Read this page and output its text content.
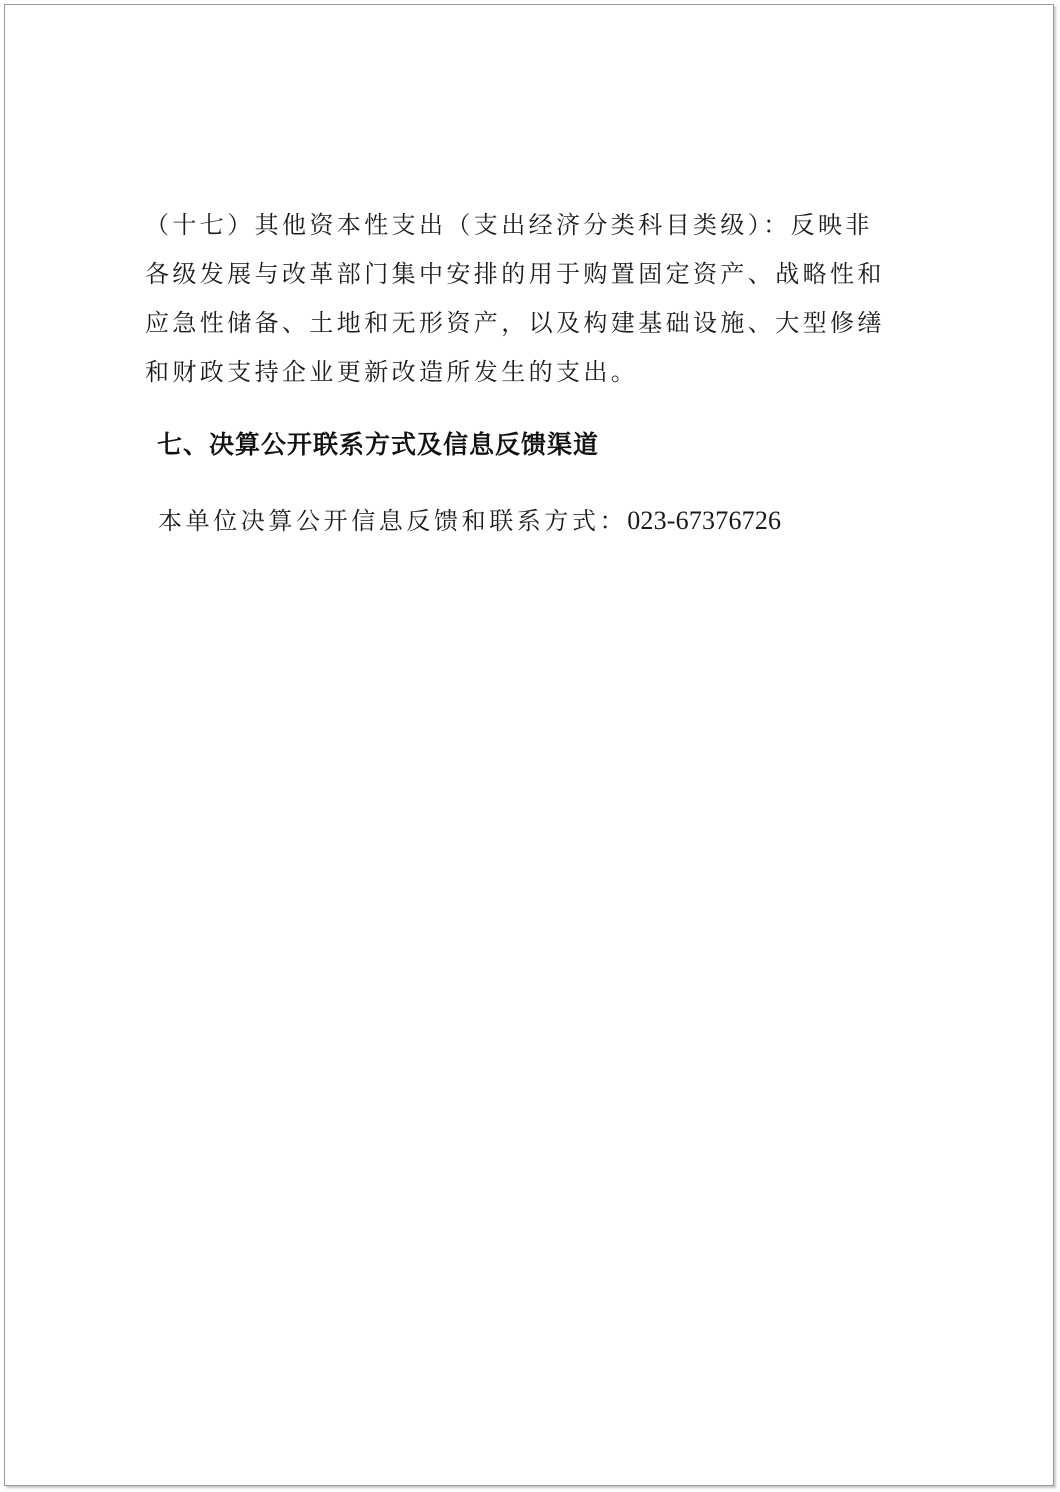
（十七）其他资本性支出（支出经济分类科目类级）：反映非
各级发展与改革部门集中安排的用于购置固定资产、战略性和
应急性储备、土地和无形资产，以及构建基础设施、大型修缮
和财政支持企业更新改造所发生的支出。

七、决算公开联系方式及信息反馈渠道

本单位决算公开信息反馈和联系方式：023-67376726
